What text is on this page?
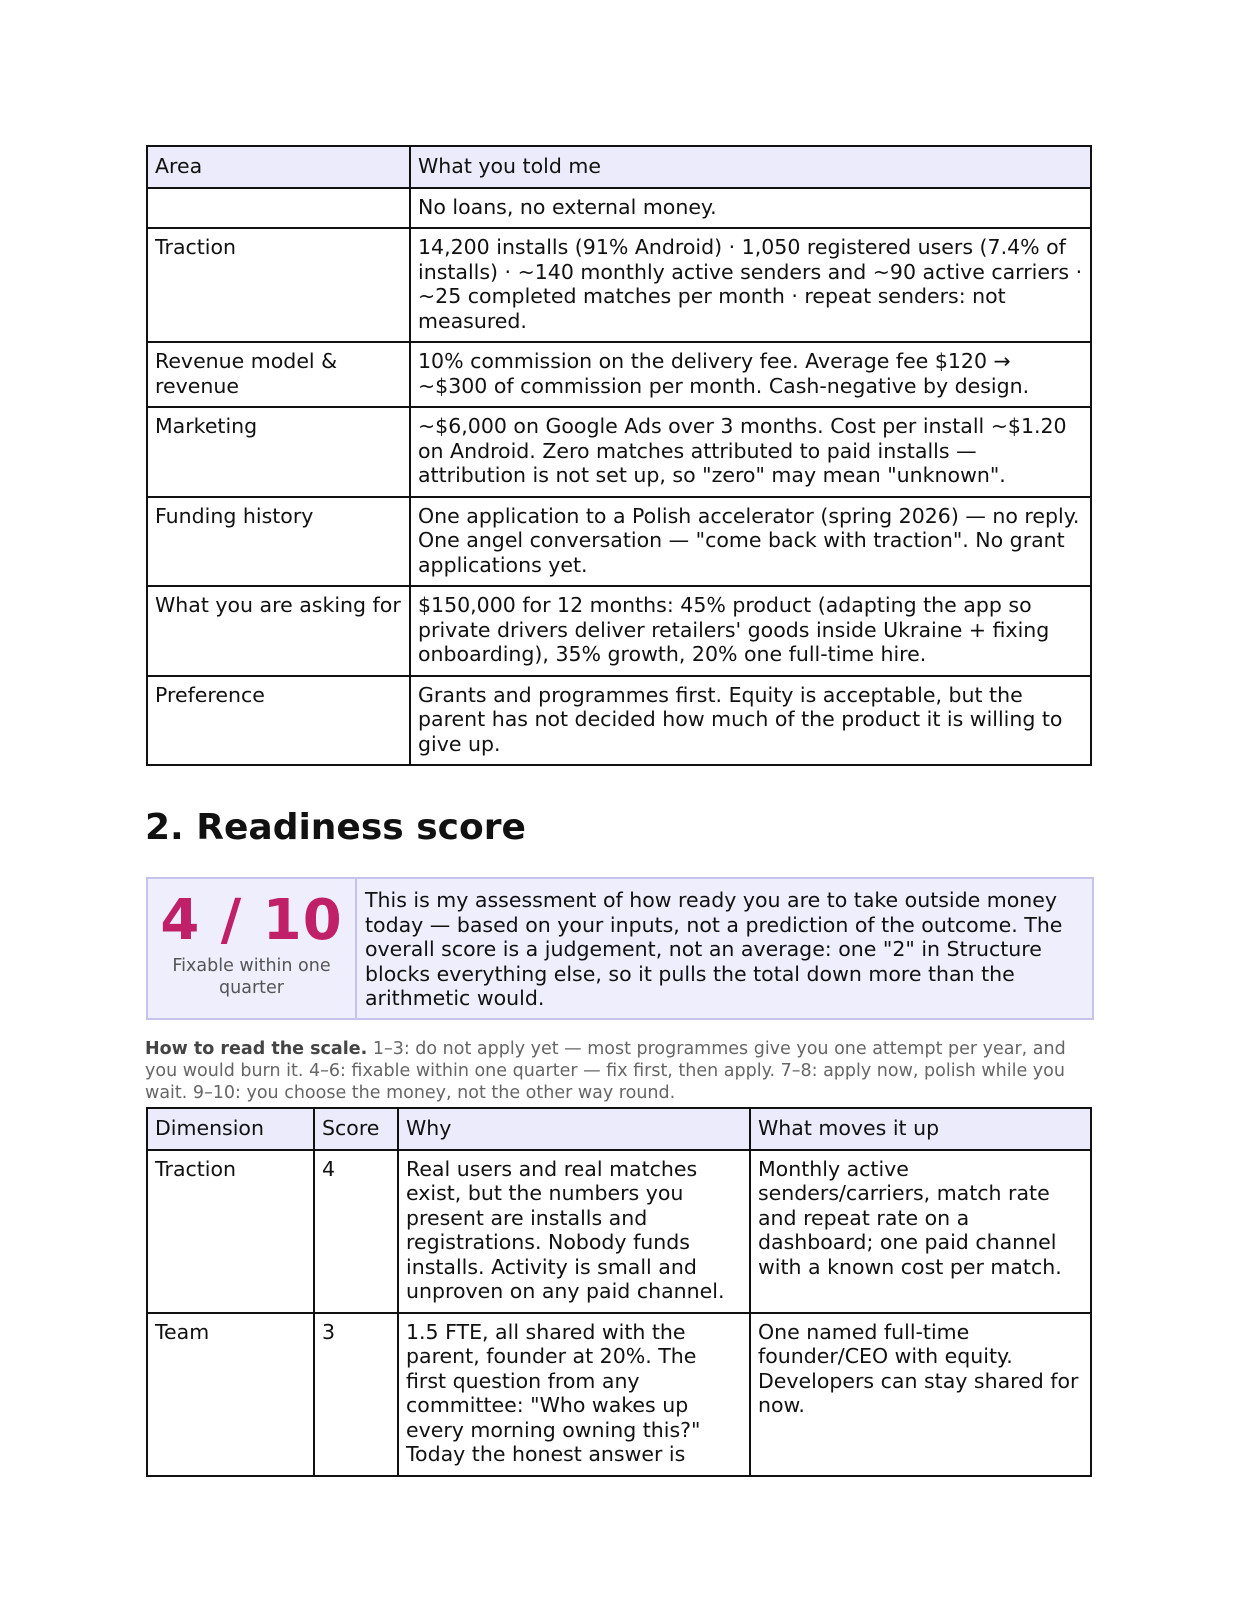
Area	What you told me
	No loans, no external money.
Traction	14,200 installs (91% Android) · 1,050 registered users (7.4% of installs) · ~140 monthly active senders and ~90 active carriers · ~25 completed matches per month · repeat senders: not measured.
Revenue model & revenue	10% commission on the delivery fee. Average fee $120 → ~$300 of commission per month. Cash-negative by design.
Marketing	~$6,000 on Google Ads over 3 months. Cost per install ~$1.20 on Android. Zero matches attributed to paid installs — attribution is not set up, so "zero" may mean "unknown".
Funding history	One application to a Polish accelerator (spring 2026) — no reply. One angel conversation — "come back with traction". No grant applications yet.
What you are asking for	$150,000 for 12 months: 45% product (adapting the app so private drivers deliver retailers' goods inside Ukraine + fixing onboarding), 35% growth, 20% one full-time hire.
Preference	Grants and programmes first. Equity is acceptable, but the parent has not decided how much of the product it is willing to give up.
2. Readiness score
4 / 10
Fixable within one quarter
This is my assessment of how ready you are to take outside money today — based on your inputs, not a prediction of the outcome. The overall score is a judgement, not an average: one "2" in Structure blocks everything else, so it pulls the total down more than the arithmetic would.

How to read the scale. 1–3: do not apply yet — most programmes give you one attempt per year, and you would burn it. 4–6: fixable within one quarter — fix first, then apply. 7–8: apply now, polish while you wait. 9–10: you choose the money, not the other way round.

Dimension	Score	Why	What moves it up
Traction	4	Real users and real matches exist, but the numbers you present are installs and registrations. Nobody funds installs. Activity is small and unproven on any paid channel.	Monthly active senders/carriers, match rate and repeat rate on a dashboard; one paid channel with a known cost per match.
Team	3	1.5 FTE, all shared with the parent, founder at 20%. The first question from any committee: "Who wakes up every morning owning this?" Today the honest answer is	One named full-time founder/CEO with equity. Developers can stay shared for now.
